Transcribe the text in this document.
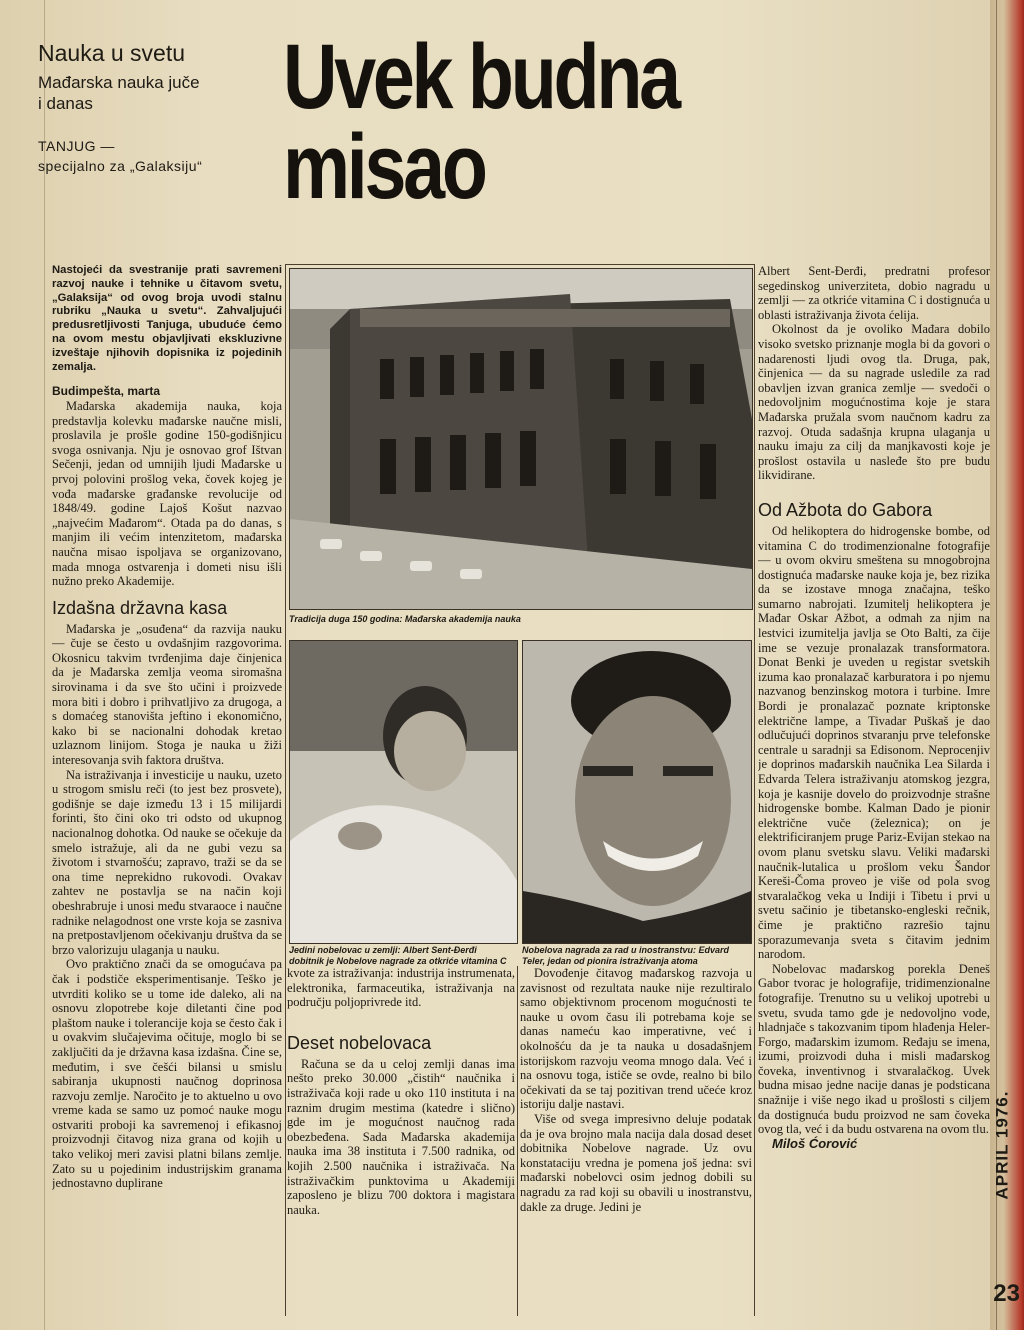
APRIL 1976.
23
Nauka u svetu
Mađarska nauka juče
i danas
TANJUG —
specijalno za „Galaksiju“
Uvek budna
misao

Nastojeći da svestranije prati savremeni razvoj nauke i tehnike u čitavom svetu, „Galaksija“ od ovog broja uvodi stalnu rubriku „Nauka u svetu“. Zahvaljujući predusretljivosti Tanjuga, ubuduće ćemo na ovom mestu objavljivati ekskluzivne izveštaje njihovih dopisnika iz pojedinih zemalja.

Budimpešta, marta

Mađarska akademija nauka, koja predstavlja kolevku mađarske naučne misli, proslavila je prošle godine 150-godišnjicu svoga osnivanja. Nju je osnovao grof Ištvan Sečenji, jedan od umnijih ljudi Mađarske u prvoj polovini prošlog veka, čovek kojeg je vođa mađarske građanske revolucije od 1848/49. godine Lajoš Košut nazvao „najvećim Mađarom“. Otada pa do danas, s manjim ili većim intenzitetom, mađarska naučna misao ispoljava se organizovano, mada mnoga ostvarenja i dometi nisu išli nužno preko Akademije.

Izdašna državna kasa

Mađarska je „osuđena“ da razvija nauku — čuje se često u ovdašnjim razgovorima. Okosnicu takvim tvrđenjima daje činjenica da je Mađarska zemlja veoma siromašna sirovinama i da sve što učini i proizvede mora biti i dobro i prihvatljivo za drugoga, a s domaćeg stanovišta jeftino i ekonomično, kako bi se nacionalni dohodak kretao uzlaznom linijom. Stoga je nauka u žiži interesovanja svih faktora društva.

Na istraživanja i investicije u nauku, uzeto u strogom smislu reči (to jest bez prosvete), godišnje se daje između 13 i 15 milijardi forinti, što čini oko tri odsto od ukupnog nacionalnog dohotka. Od nauke se očekuje da smelo istražuje, ali da ne gubi vezu sa životom i stvarnošću; zapravo, traži se da se ona time neprekidno rukovodi. Ovakav zahtev ne postavlja se na način koji obeshrabruje i unosi među stvaraoce i naučne radnike nelagodnost one vrste koja se zasniva na pretpostavljenom očekivanju društva da se brzo valorizuju ulaganja u nauku.

Ovo praktično znači da se omogućava pa čak i podstiče eksperimentisanje. Teško je utvrditi koliko se u tome ide daleko, ali na osnovu zlopotrebe koje diletanti čine pod plaštom nauke i tolerancije koja se često čak i u ovakvim slučajevima očituje, moglo bi se zaključiti da je državna kasa izdašna. Čine se, međutim, i sve češći bilansi u smislu sabiranja ukupnosti naučnog doprinosa razvoju zemlje. Naročito je to aktuelno u ovo vreme kada se samo uz pomoć nauke mogu ostvariti proboji ka savremenoj i efikasnoj proizvodnji čitavog niza grana od kojih u tako velikoj meri zavisi platni bilans zemlje. Zato su u pojedinim industrijskim granama jednostavno duplirane

Tradicija duga 150 godina: Mađarska akademija nauka
Jedini nobelovac u zemlji: Albert Sent-Đerđi dobitnik je Nobelove nagrade za otkriće vitamina C
Nobelova nagrada za rad u inostranstvu: Edvard Teler, jedan od pionira istraživanja atoma

kvote za istraživanja: industrija instrumenata, elektronika, farmaceutika, istraživanja na području poljoprivrede itd.

Deset nobelovaca

Računa se da u celoj zemlji danas ima nešto preko 30.000 „čistih“ naučnika i istraživača koji rade u oko 110 instituta i na raznim drugim mestima (katedre i slično) gde im je mogućnost naučnog rada obezbeđena. Sada Mađarska akademija nauka ima 38 instituta i 7.500 radnika, od kojih 2.500 naučnika i istraživača. Na istraživačkim punktovima u Akademiji zaposleno je blizu 700 doktora i magistara nauka.

Dovođenje čitavog mađarskog razvoja u zavisnost od rezultata nauke nije rezultiralo samo objektivnom procenom mogućnosti te nauke u ovom času ili potrebama koje se danas nameću kao imperativne, već i okolnošću da je ta nauka u dosadašnjem istorijskom razvoju veoma mnogo dala. Već i na osnovu toga, ističe se ovde, realno bi bilo očekivati da se taj pozitivan trend učeće kroz istoriju dalje nastavi.

Više od svega impresivno deluje podatak da je ova brojno mala nacija dala dosad deset dobitnika Nobelove nagrade. Uz ovu konstataciju vredna je pomena još jedna: svi mađarski nobelovci osim jednog dobili su nagradu za rad koji su obavili u inostranstvu, dakle za druge. Jedini je

Albert Sent-Đerđi, predratni profesor segedinskog univerziteta, dobio nagradu u zemlji — za otkriće vitamina C i dostignuća u oblasti istraživanja života ćelija.

Okolnost da je ovoliko Mađara dobilo visoko svetsko priznanje mogla bi da govori o nadarenosti ljudi ovog tla. Druga, pak, činjenica — da su nagrade usledile za rad obavljen izvan granica zemlje — svedoči o nedovoljnim mogućnostima koje je stara Mađarska pružala svom naučnom kadru za razvoj. Otuda sadašnja krupna ulaganja u nauku imaju za cilj da manjkavosti koje je prošlost ostavila u nasleđe što pre budu likvidirane.

Od Ažbota do Gabora

Od helikoptera do hidrogenske bombe, od vitamina C do trodimenzionalne fotografije — u ovom okviru smeštena su mnogobrojna dostignuća mađarske nauke koja je, bez rizika da se izostave mnoga značajna, teško sumarno nabrojati. Izumitelj helikoptera je Mađar Oskar Ažbot, a odmah za njim na lestvici izumitelja javlja se Oto Balti, za čije ime se vezuje pronalazak transformatora. Donat Benki je uveden u registar svetskih izuma kao pronalazač karburatora i po njemu nazvanog benzinskog motora i turbine. Imre Bordi je pronalazač poznate kriptonske električne lampe, a Tivadar Puškaš je dao odlučujući doprinos stvaranju prve telefonske centrale u saradnji sa Edisonom. Neprocenjiv je doprinos mađarskih naučnika Lea Silarda i Edvarda Telera istraživanju atomskog jezgra, koja je kasnije dovelo do proizvodnje strašne hidrogenske bombe. Kalman Dado je pionir električne vuče (železnica); on je elektrificiranjem pruge Pariz-Evijan stekao na ovom planu svetsku slavu. Veliki mađarski naučnik-lutalica u prošlom veku Šandor Kereši-Čoma proveo je više od pola svog stvaralačkog veka u Indiji i Tibetu i prvi u svetu sačinio je tibetansko-engleski rečnik, čime je praktično razrešio tajnu sporazumevanja sveta s čitavim jednim narodom.

Nobelovac mađarskog porekla Deneš Gabor tvorac je holografije, tridimenzionalne fotografije. Trenutno su u velikoj upotrebi u svetu, svuda tamo gde je nedovoljno vode, hladnjače s takozvanim tipom hlađenja Heler-Forgo, mađarskim izumom. Ređaju se imena, izumi, proizvodi duha i misli mađarskog čoveka, inventivnog i stvaralačkog. Uvek budna misao jedne nacije danas je podsticana snažnije i više nego ikad u prošlosti s ciljem da dostignuća budu proizvod ne sam čoveka ovog tla, već i da budu ostvarena na ovom tlu.

Miloš Ćorović
